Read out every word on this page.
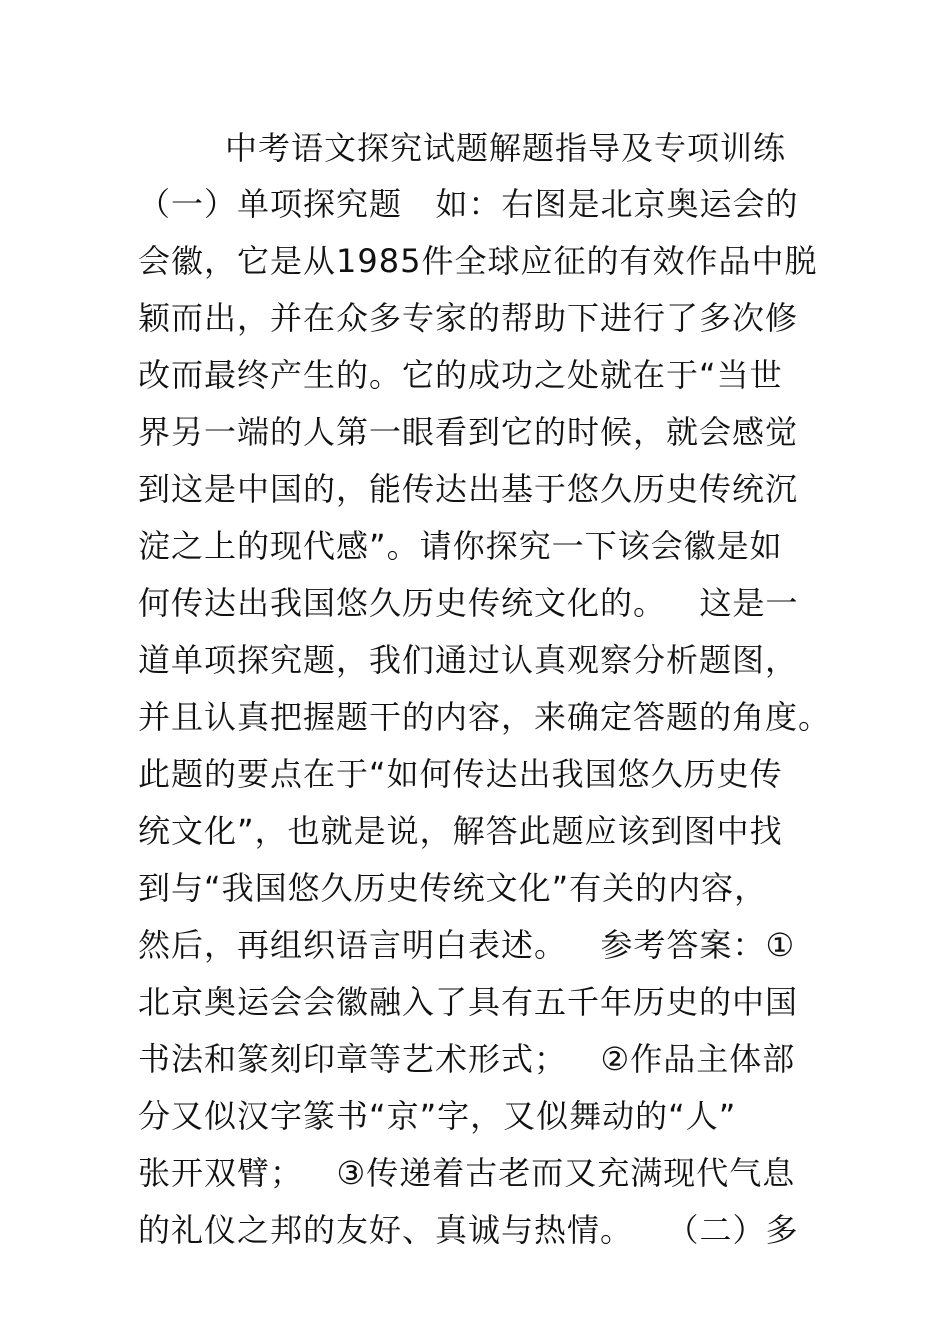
中考语文探究试题解题指导及专项训练
（一）单项探究题   如：右图是北京奥运会的
会徽，它是从1985件全球应征的有效作品中脱
颖而出，并在众多专家的帮助下进行了多次修
改而最终产生的。它的成功之处就在于“当世
界另一端的人第一眼看到它的时候，就会感觉
到这是中国的，能传达出基于悠久历史传统沉
淀之上的现代感”。请你探究一下该会徽是如
何传达出我国悠久历史传统文化的。   这是一
道单项探究题，我们通过认真观察分析题图，
并且认真把握题干的内容，来确定答题的角度。
此题的要点在于“如何传达出我国悠久历史传
统文化”，也就是说，解答此题应该到图中找
到与“我国悠久历史传统文化”有关的内容，
然后，再组织语言明白表述。   参考答案：①
北京奥运会会徽融入了具有五千年历史的中国
书法和篆刻印章等艺术形式；   ②作品主体部
分又似汉字篆书“京”字，又似舞动的“人”
张开双臂；   ③传递着古老而又充满现代气息
的礼仪之邦的友好、真诚与热情。   （二）多
